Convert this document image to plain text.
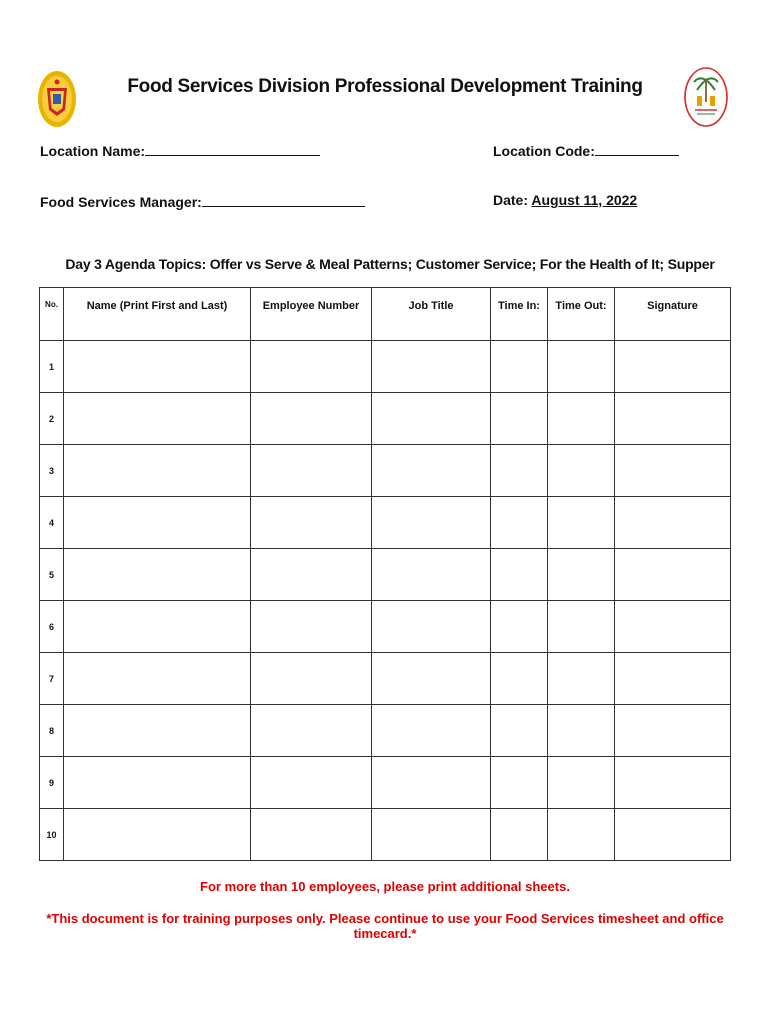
Food Services Division Professional Development Training
Location Name:	Location Code:
Food Services Manager:	Date: August 11, 2022
Day 3 Agenda Topics: Offer vs Serve & Meal Patterns; Customer Service; For the Health of It; Supper
No.	Name (Print First and Last)	Employee Number	Job Title	Time In:	Time Out:	Signature
1						
2						
3						
4						
5						
6						
7						
8						
9						
10						
For more than 10 employees, please print additional sheets.
*This document is for training purposes only. Please continue to use your Food Services timesheet and office timecard.*
